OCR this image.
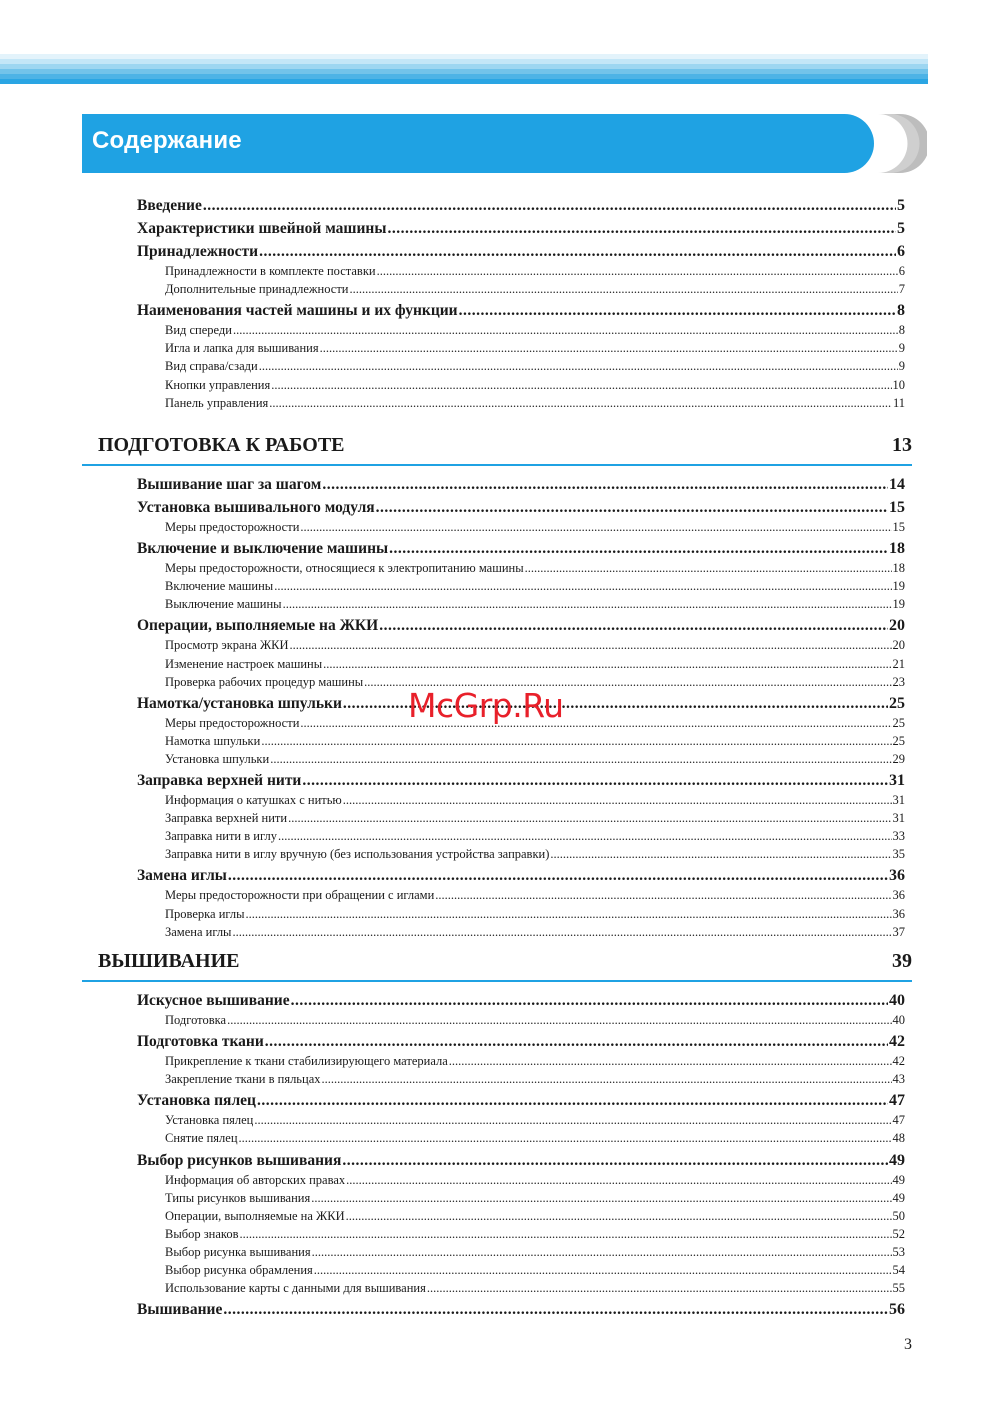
Содержание
Введение .....	5
Характеристики швейной машины .....	5
Принадлежности .....	6
Принадлежности в комплекте поставки .....	6
Дополнительные принадлежности .....	7
Наименования частей машины и их функции .....	8
Вид спереди .....	8
Игла и лапка для вышивания .....	9
Вид справа/сзади .....	9
Кнопки управления .....	10
Панель управления .....	11
ПОДГОТОВКА К РАБОТЕ	13
Вышивание шаг за шагом .....	14
Установка вышивального модуля .....	15
Меры предосторожности .....	15
Включение и выключение машины .....	18
Меры предосторожности, относящиеся к электропитанию машины .....	18
Включение машины .....	19
Выключение машины .....	19
Операции, выполняемые на ЖКИ .....	20
Просмотр экрана ЖКИ .....	20
Изменение настроек машины .....	21
Проверка рабочих процедур машины .....	23
Намотка/установка шпульки .....	25
Меры предосторожности .....	25
Намотка шпульки .....	25
Установка шпульки .....	29
Заправка верхней нити .....	31
Информация о катушках с нитью .....	31
Заправка верхней нити .....	31
Заправка нити в иглу .....	33
Заправка нити в иглу вручную (без использования устройства заправки) .....	35
Замена иглы .....	36
Меры предосторожности при обращении с иглами .....	36
Проверка иглы .....	36
Замена иглы .....	37
ВЫШИВАНИЕ	39
Искусное вышивание .....	40
Подготовка .....	40
Подготовка ткани .....	42
Прикрепление к ткани стабилизирующего материала .....	42
Закрепление ткани в пяльцах .....	43
Установка пялец .....	47
Установка пялец .....	47
Снятие пялец .....	48
Выбор рисунков вышивания .....	49
Информация об авторских правах .....	49
Типы рисунков вышивания .....	49
Операции, выполняемые на ЖКИ .....	50
Выбор знаков .....	52
Выбор рисунка вышивания .....	53
Выбор рисунка обрамления .....	54
Использование карты с данными для вышивания .....	55
Вышивание .....	56
McGrp.Ru
3
